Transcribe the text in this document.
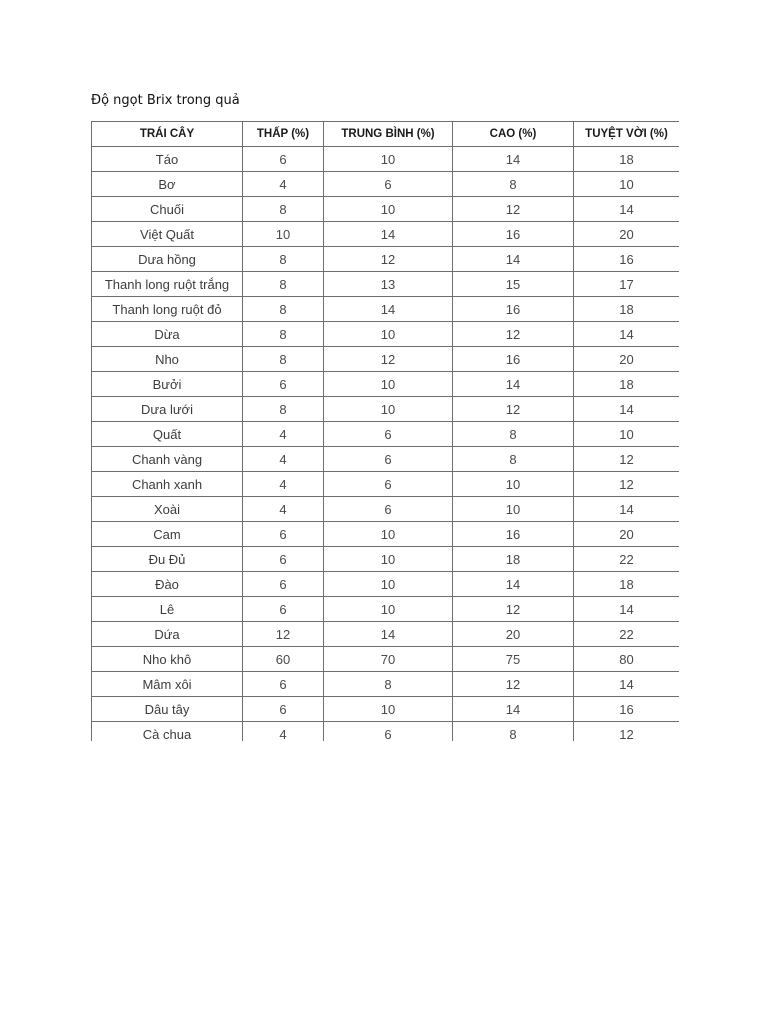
Độ ngọt Brix trong quả
TRÁI CÂY	THẤP (%)	TRUNG BÌNH (%)	CAO (%)	TUYỆT VỜI (%)
Táo	6	10	14	18
Bơ	4	6	8	10
Chuối	8	10	12	14
Việt Quất	10	14	16	20
Dưa hồng	8	12	14	16
Thanh long ruột trắng	8	13	15	17
Thanh long ruột đỏ	8	14	16	18
Dừa	8	10	12	14
Nho	8	12	16	20
Bưởi	6	10	14	18
Dưa lưới	8	10	12	14
Quất	4	6	8	10
Chanh vàng	4	6	8	12
Chanh xanh	4	6	10	12
Xoài	4	6	10	14
Cam	6	10	16	20
Đu Đủ	6	10	18	22
Đào	6	10	14	18
Lê	6	10	12	14
Dứa	12	14	20	22
Nho khô	60	70	75	80
Mâm xôi	6	8	12	14
Dâu tây	6	10	14	16
Cà chua	4	6	8	12
